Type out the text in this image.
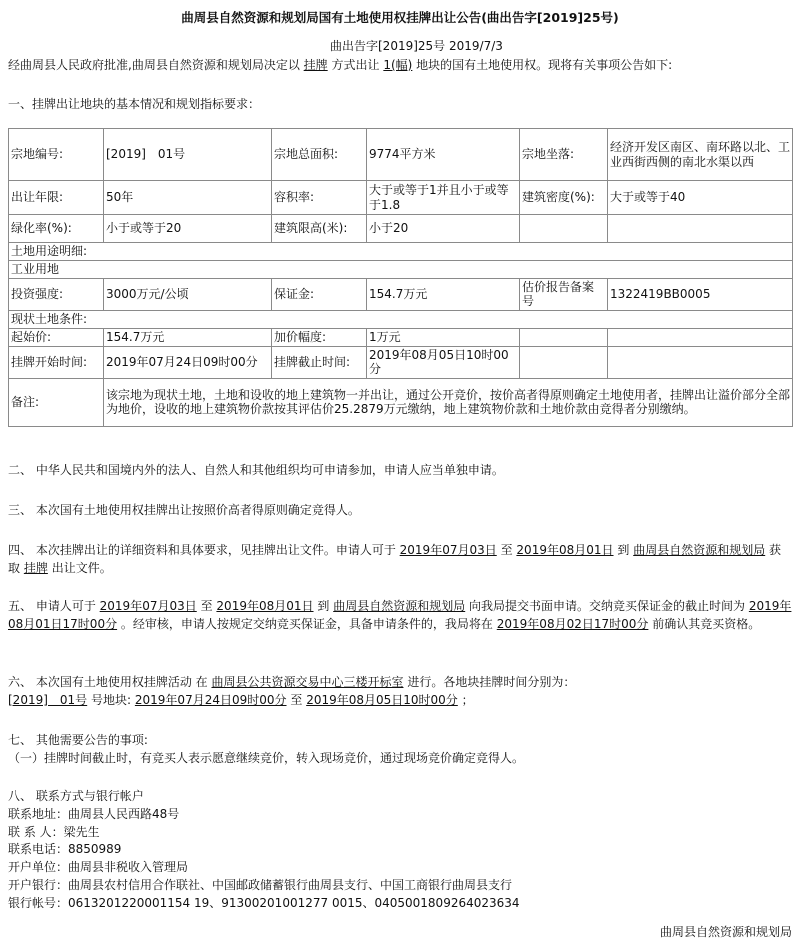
曲周县自然资源和规划局国有土地使用权挂牌出让公告(曲出告字[2019]25号)
曲出告字[2019]25号 2019/7/3
经曲周县人民政府批准,曲周县自然资源和规划局决定以 挂牌 方式出让 1(幅) 地块的国有土地使用权。现将有关事项公告如下:
一、挂牌出让地块的基本情况和规划指标要求：
宗地编号:	[2019]　01号	宗地总面积:	9774平方米	宗地坐落:	经济开发区南区、南环路以北、工业西街西侧的南北水渠以西
出让年限:	50年	容积率:	大于或等于1并且小于或等于1.8	建筑密度(%):	大于或等于40
绿化率(%):	小于或等于20	建筑限高(米):	小于20		
土地用途明细:					
工业用地					
投资强度:	3000万元/公顷	保证金:	154.7万元	估价报告备案号	1322419BB0005
现状土地条件:					
起始价:	154.7万元	加价幅度:	1万元		
挂牌开始时间:	2019年07月24日09时00分	挂牌截止时间:	2019年08月05日10时00分		
备注:	该宗地为现状土地，土地和设收的地上建筑物一并出让，通过公开竞价，按价高者得原则确定土地使用者，挂牌出让溢价部分全部为地价，设收的地上建筑物价款按其评估价25.2879万元缴纳，地上建筑物价款和土地价款由竞得者分别缴纳。				
二、 中华人民共和国境内外的法人、自然人和其他组织均可申请参加，申请人应当单独申请。
三、 本次国有土地使用权挂牌出让按照价高者得原则确定竞得人。
四、 本次挂牌出让的详细资料和具体要求，见挂牌出让文件。申请人可于 2019年07月03日 至 2019年08月01日 到 曲周县自然资源和规划局 获取 挂牌 出让文件。
五、 申请人可于 2019年07月03日 至 2019年08月01日 到 曲周县自然资源和规划局 向我局提交书面申请。交纳竞买保证金的截止时间为 2019年08月01日17时00分 。经审核，申请人按规定交纳竞买保证金，具备申请条件的，我局将在 2019年08月02日17时00分 前确认其竞买资格。
六、 本次国有土地使用权挂牌活动 在 曲周县公共资源交易中心三楼开标室 进行。各地块挂牌时间分别为：
[2019]　01号 号地块: 2019年07月24日09时00分 至 2019年08月05日10时00分 ；
七、 其他需要公告的事项:
（一）挂牌时间截止时，有竞买人表示愿意继续竞价，转入现场竞价，通过现场竞价确定竞得人。
八、 联系方式与银行帐户
联系地址：曲周县人民西路48号
联 系 人：梁先生
联系电话：8850989
开户单位：曲周县非税收入管理局
开户银行：曲周县农村信用合作联社、中国邮政储蓄银行曲周县支行、中国工商银行曲周县支行
银行帐号：0613201220001154 19、91300201001277 0015、0405001809264023634
曲周县自然资源和规划局
